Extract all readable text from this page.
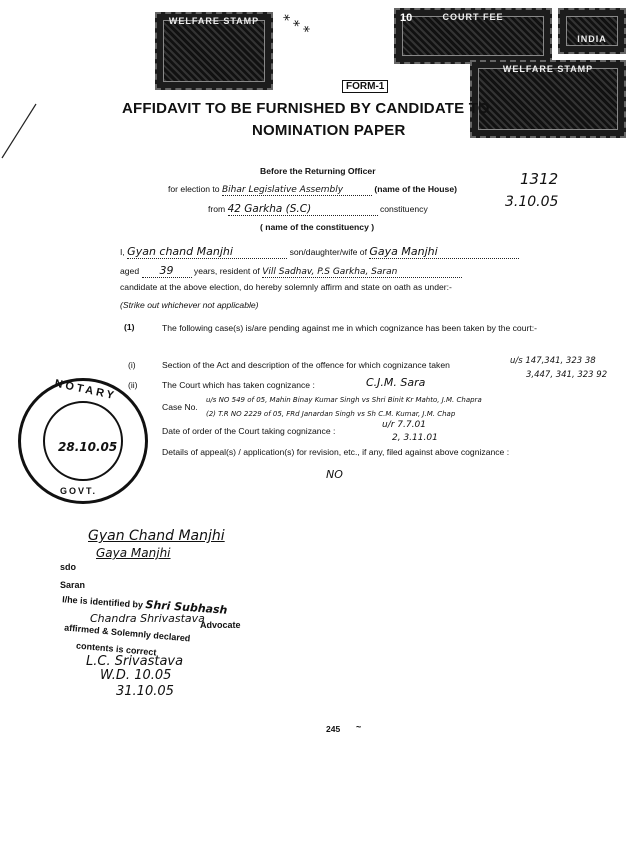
WELFARE STAMP	10	COURT FEE
INDIA
WELFARE STAMP
* * *
FORM-1
AFFIDAVIT TO BE FURNISHED BY CANDIDATE TO
NOMINATION PAPER
Before the Returning Officer	1312
3.10.05
for election to Bihar Legislative Assembly	(name of the House)
from 42 Garkha (S.C)	constituency
( name of the constituency )
I, Gyan chand Manjhi	son/daughter/wife of Gaya Manjhi
aged 39 years, resident of Vill Sadhav, P.S Garkha, Saran
candidate at the above election, do hereby solemnly affirm and state on oath as under:-
(Strike out whichever not applicable)
(1)	The following case(s) is/are pending against me in which cognizance has been taken by the court:-
(i)	Section of the Act and description of the offence for which cognizance taken	u/s 147,341, 323 38
3,447, 341, 323 92
(ii)	The Court which has taken cognizance :	C.J.M. Sara
Case No.
u/s NO 549 of 05, Mahin Binay Kumar Singh vs Shri Binit Kr Mahto, J.M. Chapra
(2) T.R NO 2229 of 05, FRd Janardan Singh vs Sh C.M. Kumar, J.M. Chap
Date of order of the Court taking cognizance :
u/r 7.7.01
2, 3.11.01
Details of appeal(s) / application(s) for revision, etc., if any, filed against above cognizance :
NO
NOTARY
GOVT.
28.10.05
Gyan Chand Manjhi
Gaya Manjhi
sdo
Saran
I/he is identified by Shri Subhash
Chandra Shrivastava
Advocate
affirmed & Solemnly declared
contents is correct
L.C. Srivastava
W.D. 10.05
31.10.05
245 ~
